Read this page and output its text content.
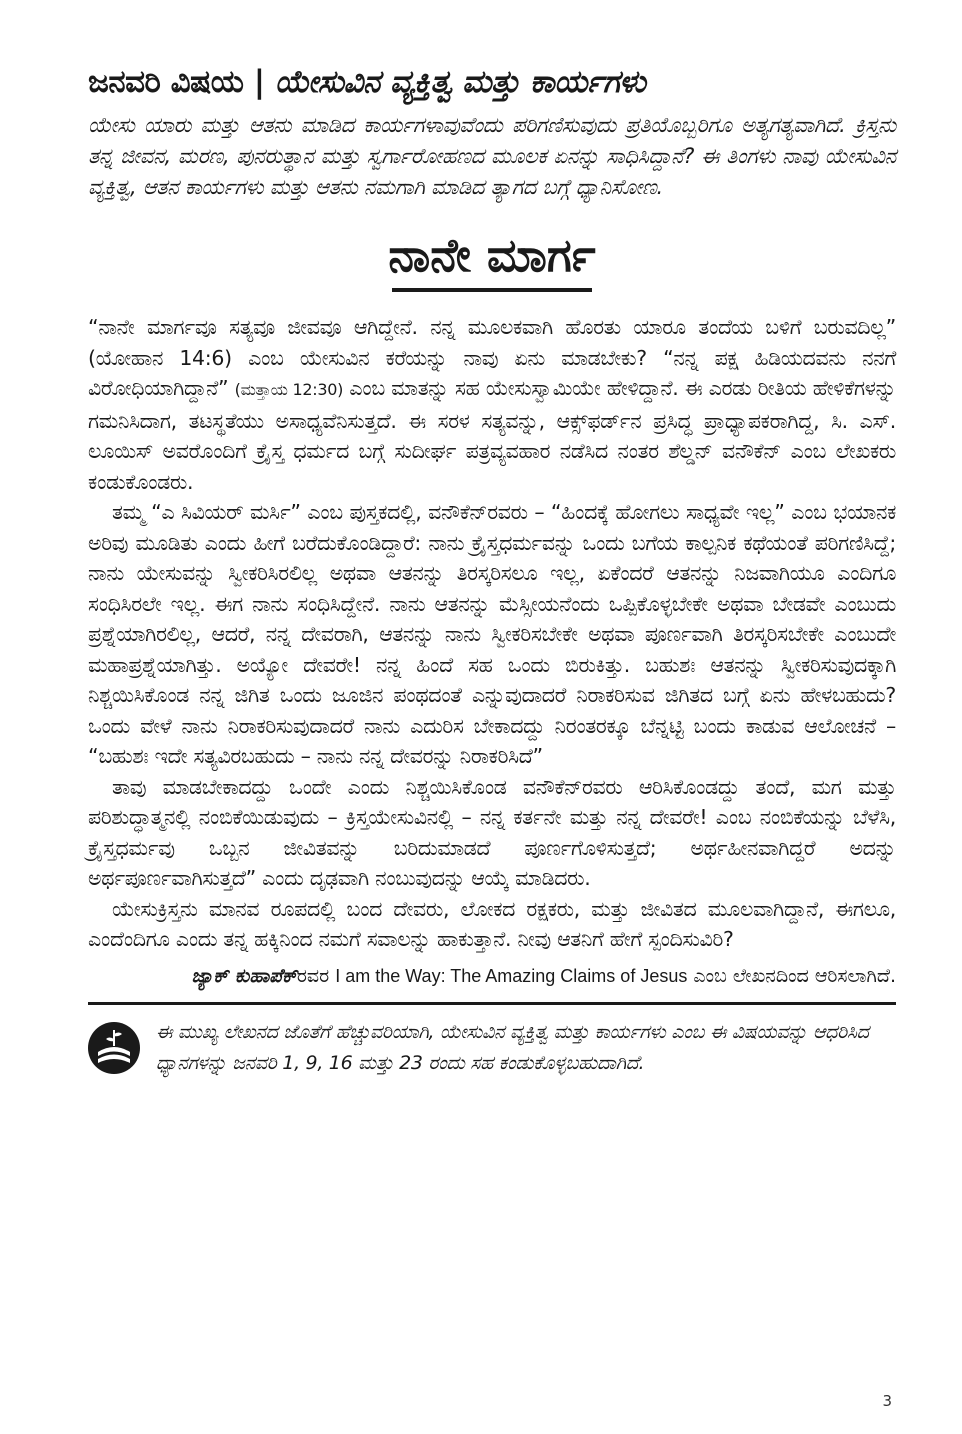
ಜನವರಿ ವಿಷಯ | ಯೇಸುವಿನ ವ್ಯಕ್ತಿತ್ವ ಮತ್ತು ಕಾರ್ಯಗಳು

ಯೇಸು ಯಾರು ಮತ್ತು ಆತನು ಮಾಡಿದ ಕಾರ್ಯಗಳಾವುವೆಂದು ಪರಿಗಣಿಸುವುದು ಪ್ರತಿಯೊಬ್ಬರಿಗೂ ಅತ್ಯಗತ್ಯವಾಗಿದೆ. ಕ್ರಿಸ್ತನು ತನ್ನ ಜೀವನ, ಮರಣ, ಪುನರುತ್ಥಾನ ಮತ್ತು ಸ್ವರ್ಗಾರೋಹಣದ ಮೂಲಕ ಏನನ್ನು ಸಾಧಿಸಿದ್ದಾನೆ? ಈ ತಿಂಗಳು ನಾವು ಯೇಸುವಿನ ವ್ಯಕ್ತಿತ್ವ, ಆತನ ಕಾರ್ಯಗಳು ಮತ್ತು ಆತನು ನಮಗಾಗಿ ಮಾಡಿದ ತ್ಯಾಗದ ಬಗ್ಗೆ ಧ್ಯಾನಿಸೋಣ.

ನಾನೇ ಮಾರ್ಗ

“ನಾನೇ ಮಾರ್ಗವೂ ಸತ್ಯವೂ ಜೀವವೂ ಆಗಿದ್ದೇನೆ. ನನ್ನ ಮೂಲಕವಾಗಿ ಹೊರತು ಯಾರೂ ತಂದೆಯ ಬಳಿಗೆ ಬರುವದಿಲ್ಲ” (ಯೋಹಾನ 14:6) ಎಂಬ ಯೇಸುವಿನ ಕರೆಯನ್ನು ನಾವು ಏನು ಮಾಡಬೇಕು? “ನನ್ನ ಪಕ್ಷ ಹಿಡಿಯದವನು ನನಗೆ ವಿರೋಧಿಯಾಗಿದ್ದಾನೆ” (ಮತ್ತಾಯ 12:30) ಎಂಬ ಮಾತನ್ನು ಸಹ ಯೇಸುಸ್ವಾಮಿಯೇ ಹೇಳಿದ್ದಾನೆ. ಈ ಎರಡು ರೀತಿಯ ಹೇಳಿಕೆಗಳನ್ನು ಗಮನಿಸಿದಾಗ, ತಟಸ್ಥತೆಯು ಅಸಾಧ್ಯವೆನಿಸುತ್ತದೆ. ಈ ಸರಳ ಸತ್ಯವನ್ನು, ಆಕ್ಸ್‌ಫರ್ಡ್‌ನ ಪ್ರಸಿದ್ಧ ಪ್ರಾಧ್ಯಾಪಕರಾಗಿದ್ದ, ಸಿ. ಎಸ್. ಲೂಯಿಸ್ ಅವರೊಂದಿಗೆ ಕ್ರೈಸ್ತ ಧರ್ಮದ ಬಗ್ಗೆ ಸುದೀರ್ಘ ಪತ್ರವ್ಯವಹಾರ ನಡೆಸಿದ ನಂತರ ಶೆಲ್ಡನ್ ವನೌಕೆನ್ ಎಂಬ ಲೇಖಕರು ಕಂಡುಕೊಂಡರು.

ತಮ್ಮ “ಎ ಸಿವಿಯರ್ ಮರ್ಸಿ” ಎಂಬ ಪುಸ್ತಕದಲ್ಲಿ, ವನೌಕೆನ್‌ರವರು – “ಹಿಂದಕ್ಕೆ ಹೋಗಲು ಸಾಧ್ಯವೇ ಇಲ್ಲ” ಎಂಬ ಭಯಾನಕ ಅರಿವು ಮೂಡಿತು ಎಂದು ಹೀಗೆ ಬರೆದುಕೊಂಡಿದ್ದಾರೆ: ನಾನು ಕ್ರೈಸ್ತಧರ್ಮವನ್ನು ಒಂದು ಬಗೆಯ ಕಾಲ್ಪನಿಕ ಕಥೆಯಂತೆ ಪರಿಗಣಿಸಿದ್ದೆ; ನಾನು ಯೇಸುವನ್ನು ಸ್ವೀಕರಿಸಿರಲಿಲ್ಲ ಅಥವಾ ಆತನನ್ನು ತಿರಸ್ಕರಿಸಲೂ ಇಲ್ಲ, ಏಕೆಂದರೆ ಆತನನ್ನು ನಿಜವಾಗಿಯೂ ಎಂದಿಗೂ ಸಂಧಿಸಿರಲೇ ಇಲ್ಲ. ಈಗ ನಾನು ಸಂಧಿಸಿದ್ದೇನೆ. ನಾನು ಆತನನ್ನು ಮೆಸ್ಸೀಯನೆಂದು ಒಪ್ಪಿಕೊಳ್ಳಬೇಕೇ ಅಥವಾ ಬೇಡವೇ ಎಂಬುದು ಪ್ರಶ್ನೆಯಾಗಿರಲಿಲ್ಲ, ಆದರೆ, ನನ್ನ ದೇವರಾಗಿ, ಆತನನ್ನು ನಾನು ಸ್ವೀಕರಿಸಬೇಕೇ ಅಥವಾ ಪೂರ್ಣವಾಗಿ ತಿರಸ್ಕರಿಸಬೇಕೇ ಎಂಬುದೇ ಮಹಾಪ್ರಶ್ನೆಯಾಗಿತ್ತು. ಅಯ್ಯೋ ದೇವರೇ! ನನ್ನ ಹಿಂದೆ ಸಹ ಒಂದು ಬಿರುಕಿತ್ತು. ಬಹುಶಃ ಆತನನ್ನು ಸ್ವೀಕರಿಸುವುದಕ್ಕಾಗಿ ನಿಶ್ಚಯಿಸಿಕೊಂಡ ನನ್ನ ಜಿಗಿತ ಒಂದು ಜೂಜಿನ ಪಂಥದಂತೆ ಎನ್ನುವುದಾದರೆ ನಿರಾಕರಿಸುವ ಜಿಗಿತದ ಬಗ್ಗೆ ಏನು ಹೇಳಬಹುದು? ಒಂದು ವೇಳೆ ನಾನು ನಿರಾಕರಿಸುವುದಾದರೆ ನಾನು ಎದುರಿಸ ಬೇಕಾದದ್ದು ನಿರಂತರಕ್ಕೂ ಬೆನ್ನಟ್ಟಿ ಬಂದು ಕಾಡುವ ಆಲೋಚನೆ – “ಬಹುಶಃ ಇದೇ ಸತ್ಯವಿರಬಹುದು – ನಾನು ನನ್ನ ದೇವರನ್ನು ನಿರಾಕರಿಸಿದೆ”

ತಾವು ಮಾಡಬೇಕಾದದ್ದು ಒಂದೇ ಎಂದು ನಿಶ್ಚಯಿಸಿಕೊಂಡ ವನೌಕೆನ್‌ರವರು ಆರಿಸಿಕೊಂಡದ್ದು ತಂದೆ, ಮಗ ಮತ್ತು ಪರಿಶುದ್ಧಾತ್ಮನಲ್ಲಿ ನಂಬಿಕೆಯಿಡುವುದು – ಕ್ರಿಸ್ತಯೇಸುವಿನಲ್ಲಿ – ನನ್ನ ಕರ್ತನೇ ಮತ್ತು ನನ್ನ ದೇವರೇ! ಎಂಬ ನಂಬಿಕೆಯನ್ನು ಬೆಳೆಸಿ, ಕ್ರೈಸ್ತಧರ್ಮವು ಒಬ್ಬನ ಜೀವಿತವನ್ನು ಬರಿದುಮಾಡದೆ ಪೂರ್ಣಗೊಳಿಸುತ್ತದೆ; ಅರ್ಥಹೀನವಾಗಿದ್ದರೆ ಅದನ್ನು ಅರ್ಥಪೂರ್ಣವಾಗಿಸುತ್ತದೆ” ಎಂದು ದೃಢವಾಗಿ ನಂಬುವುದನ್ನು ಆಯ್ಕೆ ಮಾಡಿದರು.

ಯೇಸುಕ್ರಿಸ್ತನು ಮಾನವ ರೂಪದಲ್ಲಿ ಬಂದ ದೇವರು, ಲೋಕದ ರಕ್ಷಕರು, ಮತ್ತು ಜೀವಿತದ ಮೂಲವಾಗಿದ್ದಾನೆ, ಈಗಲೂ, ಎಂದೆಂದಿಗೂ ಎಂದು ತನ್ನ ಹಕ್ಕಿನಿಂದ ನಮಗೆ ಸವಾಲನ್ನು ಹಾಕುತ್ತಾನೆ. ನೀವು ಆತನಿಗೆ ಹೇಗೆ ಸ್ಪಂದಿಸುವಿರಿ?

ಜ್ಯಾಕ್ ಕುಹಾಪೆಕ್ರವರ I am the Way: The Amazing Claims of Jesus ಎಂಬ ಲೇಖನದಿಂದ ಆರಿಸಲಾಗಿದೆ.
ಈ ಮುಖ್ಯ ಲೇಖನದ ಜೊತೆಗೆ ಹೆಚ್ಚುವರಿಯಾಗಿ, ಯೇಸುವಿನ ವ್ಯಕ್ತಿತ್ವ ಮತ್ತು ಕಾರ್ಯಗಳು ಎಂಬ ಈ ವಿಷಯವನ್ನು ಆಧರಿಸಿದ ಧ್ಯಾನಗಳನ್ನು ಜನವರಿ 1, 9, 16 ಮತ್ತು 23 ರಂದು ಸಹ ಕಂಡುಕೊಳ್ಳಬಹುದಾಗಿದೆ.
3
